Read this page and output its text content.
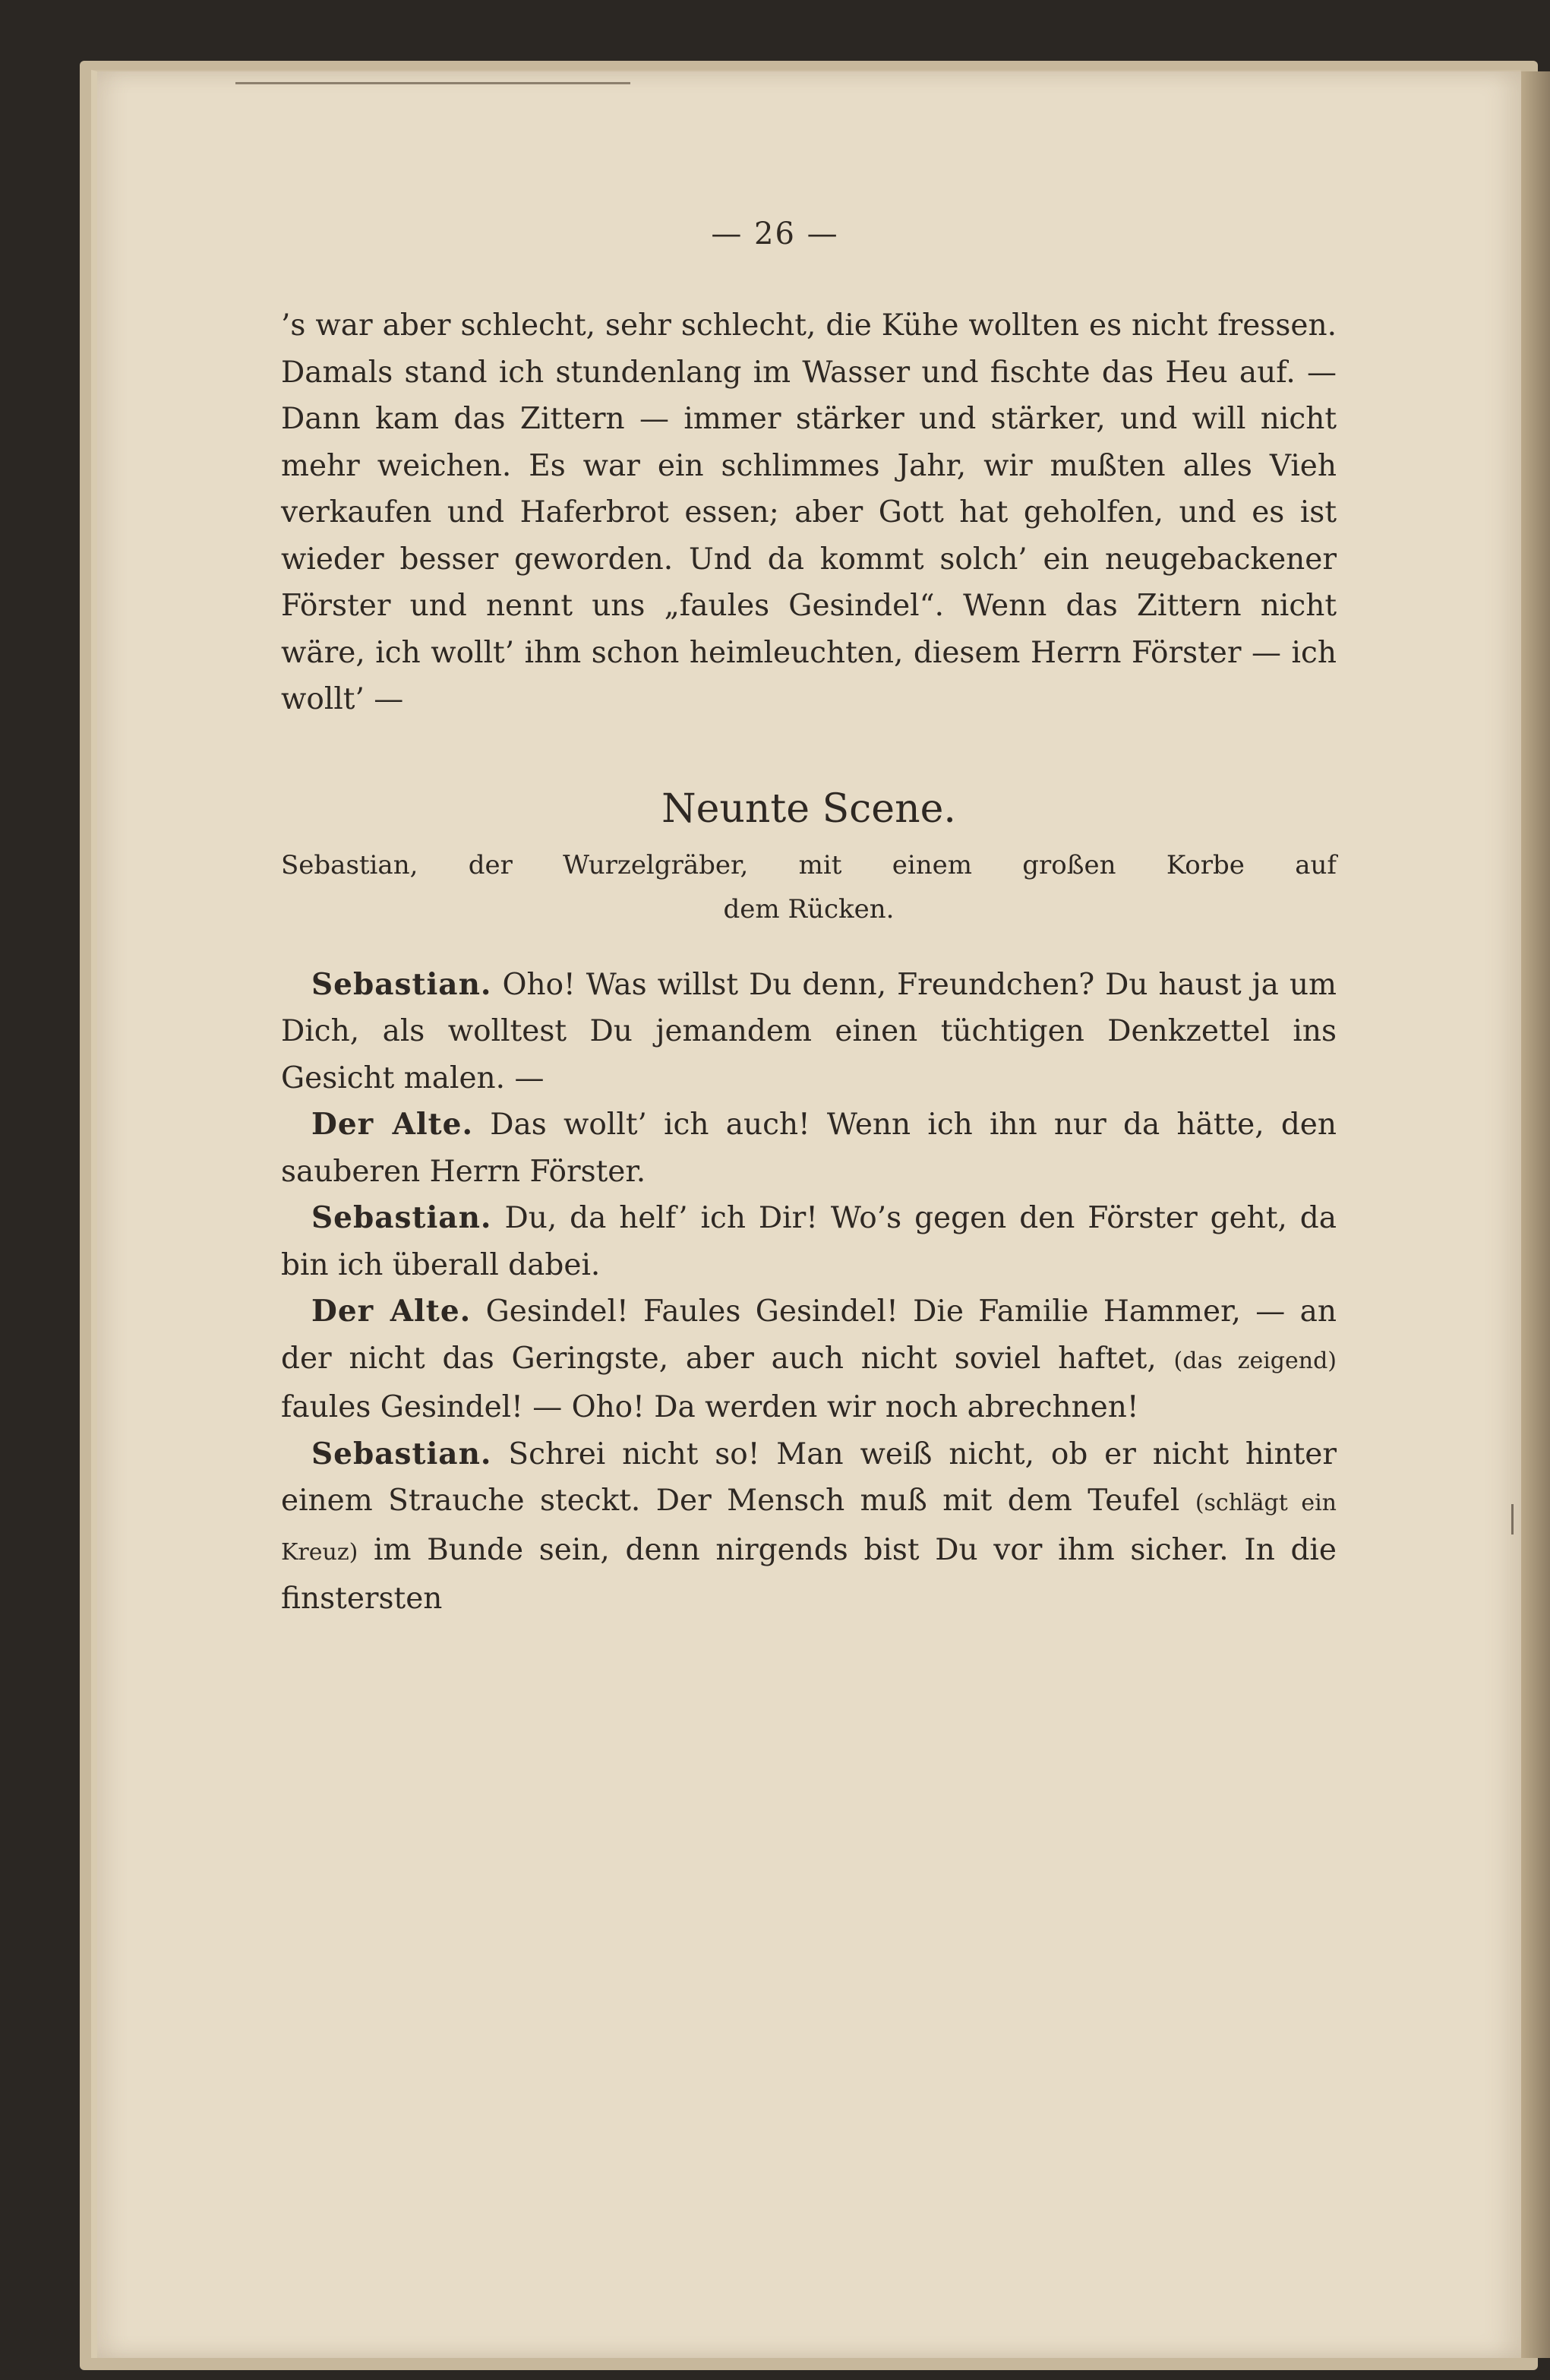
— 26 —

’s war aber schlecht, sehr schlecht, die Kühe wollten es nicht fressen. Damals stand ich stundenlang im Wasser und fischte das Heu auf. — Dann kam das Zittern — immer stärker und stärker, und will nicht mehr weichen. Es war ein schlimmes Jahr, wir mußten alles Vieh verkaufen und Haferbrot essen; aber Gott hat geholfen, und es ist wieder besser geworden. Und da kommt solch’ ein neugebackener Förster und nennt uns „faules Gesindel“. Wenn das Zittern nicht wäre, ich wollt’ ihm schon heimleuchten, diesem Herrn Förster — ich wollt’ —

Neunte Scene.
Sebastian, der Wurzelgräber, mit einem großen Korbe auf
dem Rücken.

Sebastian. Oho! Was willst Du denn, Freundchen? Du haust ja um Dich, als wolltest Du jemandem einen tüchtigen Denkzettel ins Gesicht malen. —

Der Alte. Das wollt’ ich auch! Wenn ich ihn nur da hätte, den sauberen Herrn Förster.

Sebastian. Du, da helf’ ich Dir! Wo’s gegen den Förster geht, da bin ich überall dabei.

Der Alte. Gesindel! Faules Gesindel! Die Familie Hammer, — an der nicht das Geringste, aber auch nicht soviel haftet, (das zeigend) faules Gesindel! — Oho! Da werden wir noch abrechnen!

Sebastian. Schrei nicht so! Man weiß nicht, ob er nicht hinter einem Strauche steckt. Der Mensch muß mit dem Teufel (schlägt ein Kreuz) im Bunde sein, denn nirgends bist Du vor ihm sicher. In die finstersten
